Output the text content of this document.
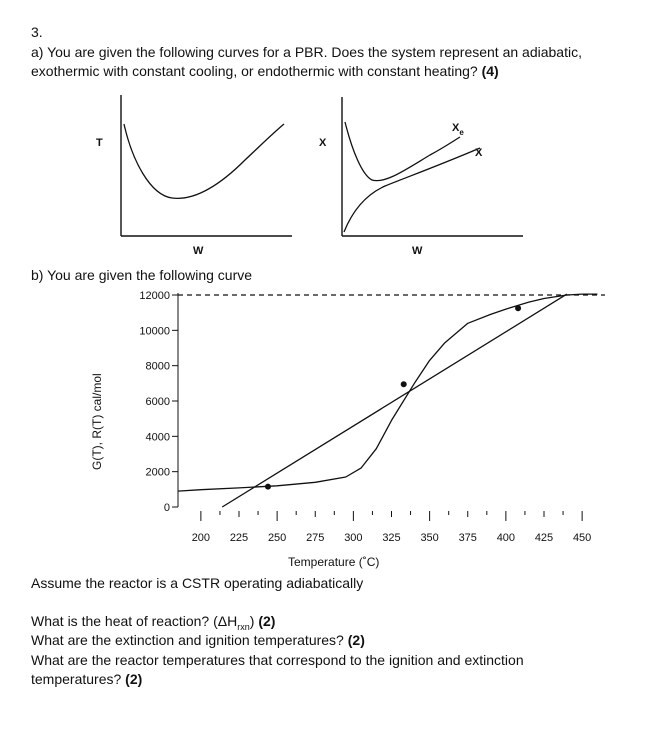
3.
a) You are given the following curves for a PBR. Does the system represent an adiabatic,
exothermic with constant cooling, or endothermic with constant heating? (4)
T
W
X
W
$X_e$
X
b) You are given the following curve
0
2000
4000
6000
8000
10000
12000
200 225 250 275 300 325 350 375 400 425 450
Temperature (˚C)
G(T), R(T) cal/mol
Assume the reactor is a CSTR operating adiabatically
What is the heat of reaction? $(\Delta H_{rxn})$ (2)
What are the extinction and ignition temperatures? (2)
What are the reactor temperatures that correspond to the ignition and extinction
temperatures? (2)
